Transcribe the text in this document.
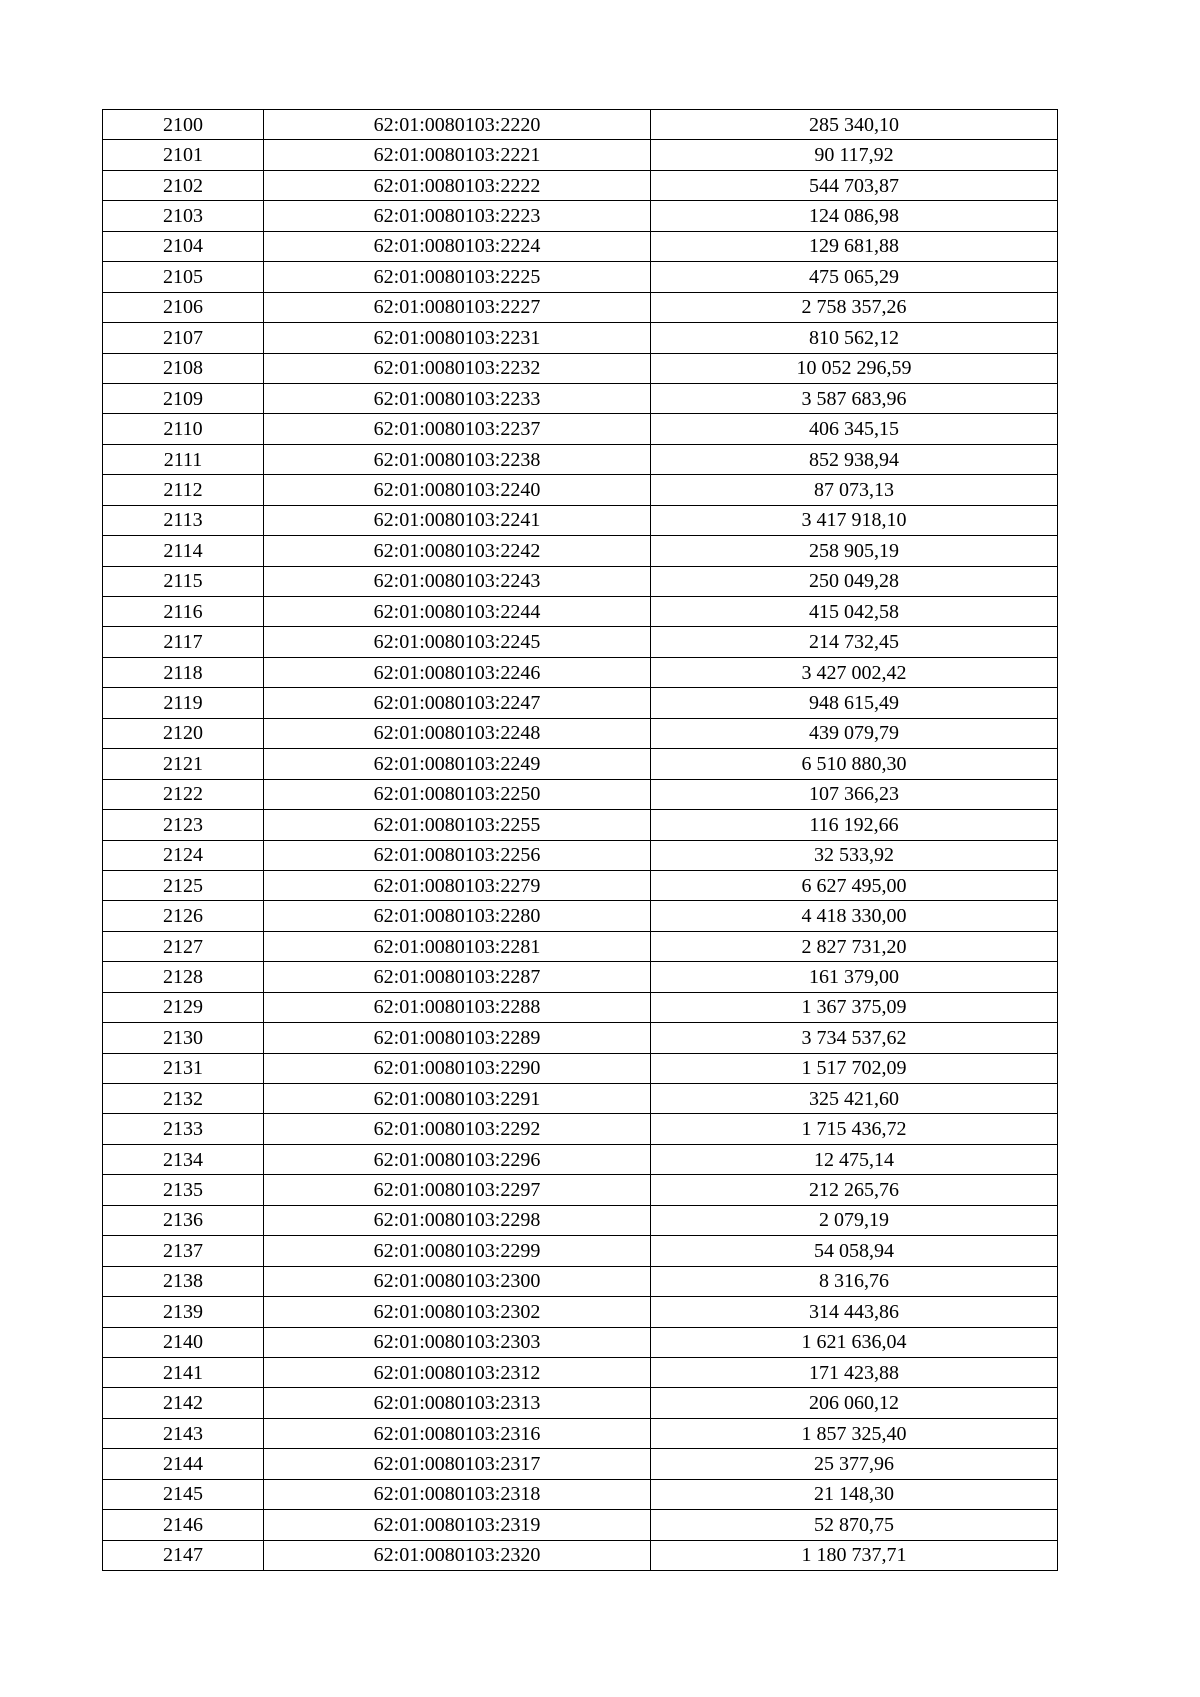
2100	62:01:0080103:2220	285 340,10
2101	62:01:0080103:2221	90 117,92
2102	62:01:0080103:2222	544 703,87
2103	62:01:0080103:2223	124 086,98
2104	62:01:0080103:2224	129 681,88
2105	62:01:0080103:2225	475 065,29
2106	62:01:0080103:2227	2 758 357,26
2107	62:01:0080103:2231	810 562,12
2108	62:01:0080103:2232	10 052 296,59
2109	62:01:0080103:2233	3 587 683,96
2110	62:01:0080103:2237	406 345,15
2111	62:01:0080103:2238	852 938,94
2112	62:01:0080103:2240	87 073,13
2113	62:01:0080103:2241	3 417 918,10
2114	62:01:0080103:2242	258 905,19
2115	62:01:0080103:2243	250 049,28
2116	62:01:0080103:2244	415 042,58
2117	62:01:0080103:2245	214 732,45
2118	62:01:0080103:2246	3 427 002,42
2119	62:01:0080103:2247	948 615,49
2120	62:01:0080103:2248	439 079,79
2121	62:01:0080103:2249	6 510 880,30
2122	62:01:0080103:2250	107 366,23
2123	62:01:0080103:2255	116 192,66
2124	62:01:0080103:2256	32 533,92
2125	62:01:0080103:2279	6 627 495,00
2126	62:01:0080103:2280	4 418 330,00
2127	62:01:0080103:2281	2 827 731,20
2128	62:01:0080103:2287	161 379,00
2129	62:01:0080103:2288	1 367 375,09
2130	62:01:0080103:2289	3 734 537,62
2131	62:01:0080103:2290	1 517 702,09
2132	62:01:0080103:2291	325 421,60
2133	62:01:0080103:2292	1 715 436,72
2134	62:01:0080103:2296	12 475,14
2135	62:01:0080103:2297	212 265,76
2136	62:01:0080103:2298	2 079,19
2137	62:01:0080103:2299	54 058,94
2138	62:01:0080103:2300	8 316,76
2139	62:01:0080103:2302	314 443,86
2140	62:01:0080103:2303	1 621 636,04
2141	62:01:0080103:2312	171 423,88
2142	62:01:0080103:2313	206 060,12
2143	62:01:0080103:2316	1 857 325,40
2144	62:01:0080103:2317	25 377,96
2145	62:01:0080103:2318	21 148,30
2146	62:01:0080103:2319	52 870,75
2147	62:01:0080103:2320	1 180 737,71
